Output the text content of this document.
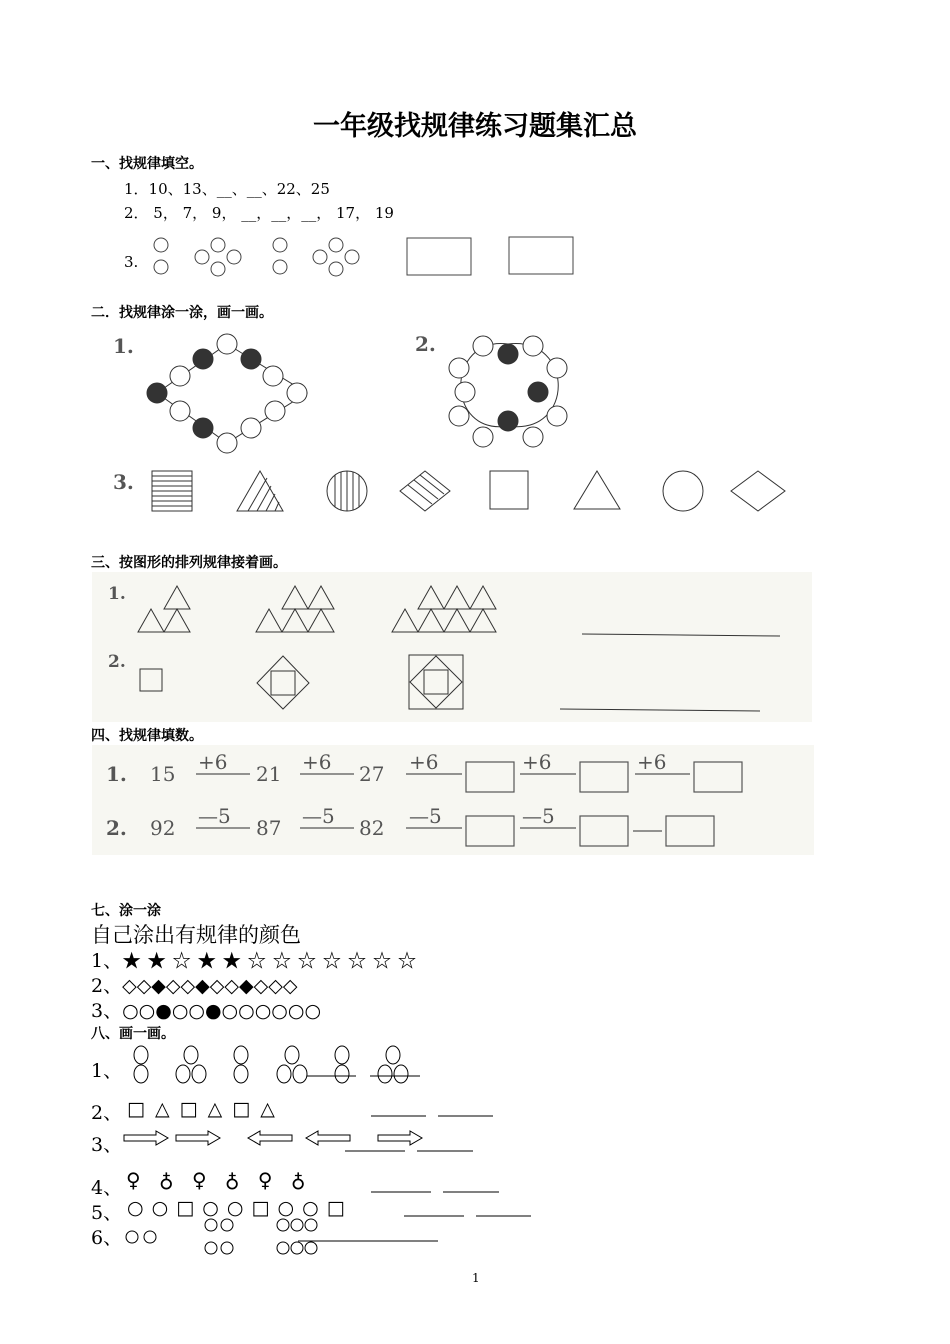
一年级找规律练习题集汇总
一、找规律填空。
1．10、13、__、__、22、25
2． 5， 7， 9， __，__，__， 17， 19
3.
二．找规律涂一涂，画一画。
1.	2.
3.
三、按图形的排列规律接着画。
1.
2.
四、找规律填数。
1. 15 +6 21 +6 27 +6	+6	+6
2. 92 —5 87 —5 82 —5	—5
七、涂一涂
自己涂出有规律的颜色
1、★ ★ ☆ ★ ★ ☆ ☆ ☆ ☆ ☆ ☆ ☆
2、◇◇◆◇◇◆◇◇◆◇◇◇
3、○○●○○●○○○○○○
八、画一画。
1、
2、 □ △ □ △ □ △
3、
4、 ♀ ♁ ♀ ♁ ♀ ♁
5、 ○ ○ □ ○ ○ □ ○ ○ □
6、
1
